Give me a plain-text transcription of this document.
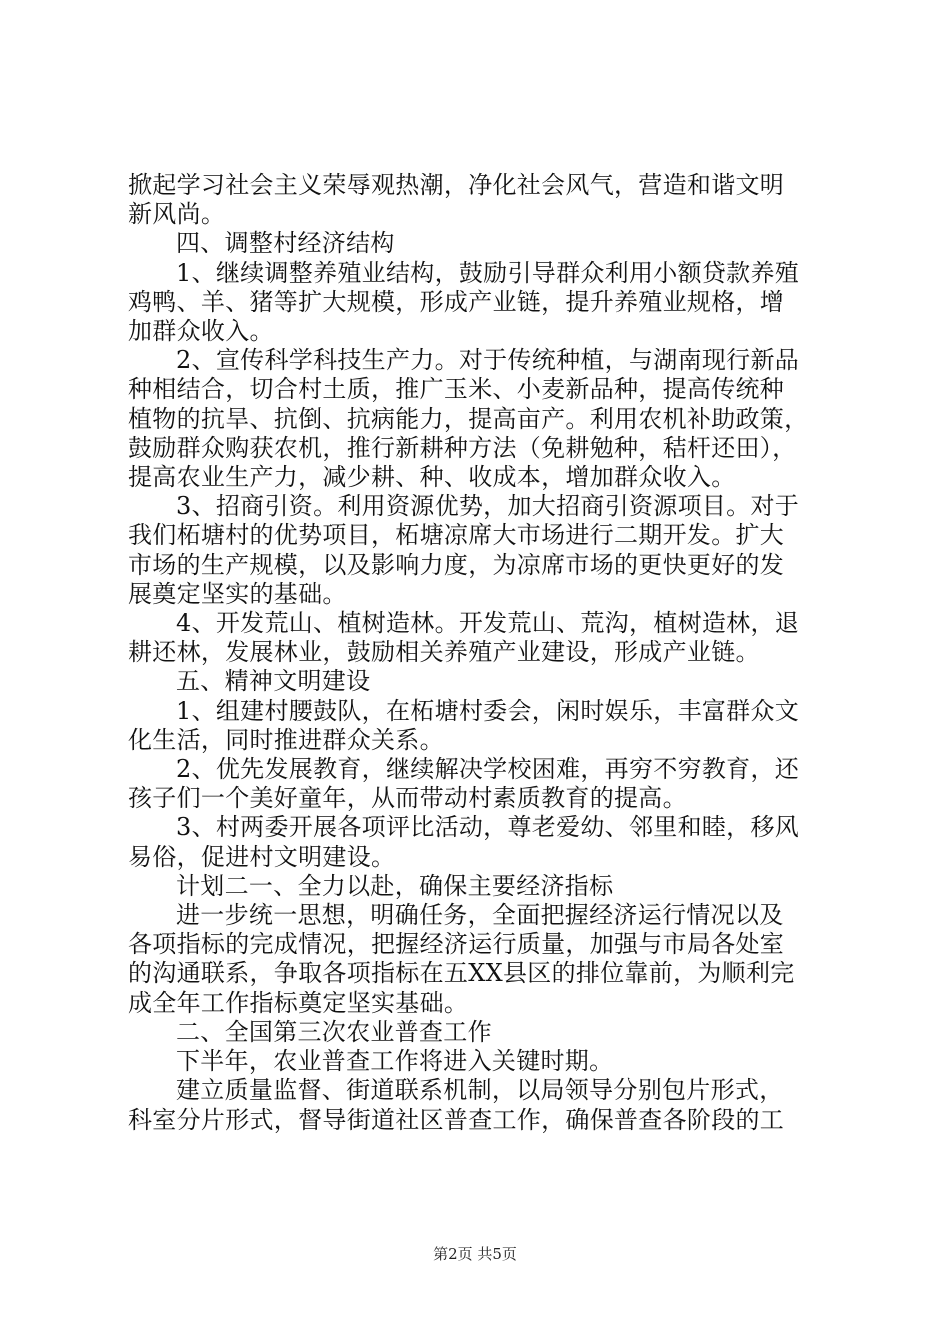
掀起学习社会主义荣辱观热潮，净化社会风气，营造和谐文明
新风尚。
四、调整村经济结构
1、继续调整养殖业结构，鼓励引导群众利用小额贷款养殖
鸡鸭、羊、猪等扩大规模，形成产业链，提升养殖业规格，增
加群众收入。
2、宣传科学科技生产力。对于传统种植，与湖南现行新品
种相结合，切合村土质，推广玉米、小麦新品种，提高传统种
植物的抗旱、抗倒、抗病能力，提高亩产。利用农机补助政策，
鼓励群众购获农机，推行新耕种方法（免耕勉种，秸杆还田），
提高农业生产力，减少耕、种、收成本，增加群众收入。
3、招商引资。利用资源优势，加大招商引资源项目。对于
我们柘塘村的优势项目，柘塘凉席大市场进行二期开发。扩大
市场的生产规模，以及影响力度，为凉席市场的更快更好的发
展奠定坚实的基础。
4、开发荒山、植树造林。开发荒山、荒沟，植树造林，退
耕还林，发展林业，鼓励相关养殖产业建设，形成产业链。
五、精神文明建设
1、组建村腰鼓队，在柘塘村委会，闲时娱乐，丰富群众文
化生活，同时推进群众关系。
2、优先发展教育，继续解决学校困难，再穷不穷教育，还
孩子们一个美好童年，从而带动村素质教育的提高。
3、村两委开展各项评比活动，尊老爱幼、邻里和睦，移风
易俗，促进村文明建设。
计划二一、全力以赴，确保主要经济指标
进一步统一思想，明确任务，全面把握经济运行情况以及
各项指标的完成情况，把握经济运行质量，加强与市局各处室
的沟通联系，争取各项指标在五XX县区的排位靠前，为顺利完
成全年工作指标奠定坚实基础。
二、全国第三次农业普查工作
下半年，农业普查工作将进入关键时期。
建立质量监督、街道联系机制，以局领导分别包片形式，
科室分片形式，督导街道社区普查工作，确保普查各阶段的工
第2页 共5页
